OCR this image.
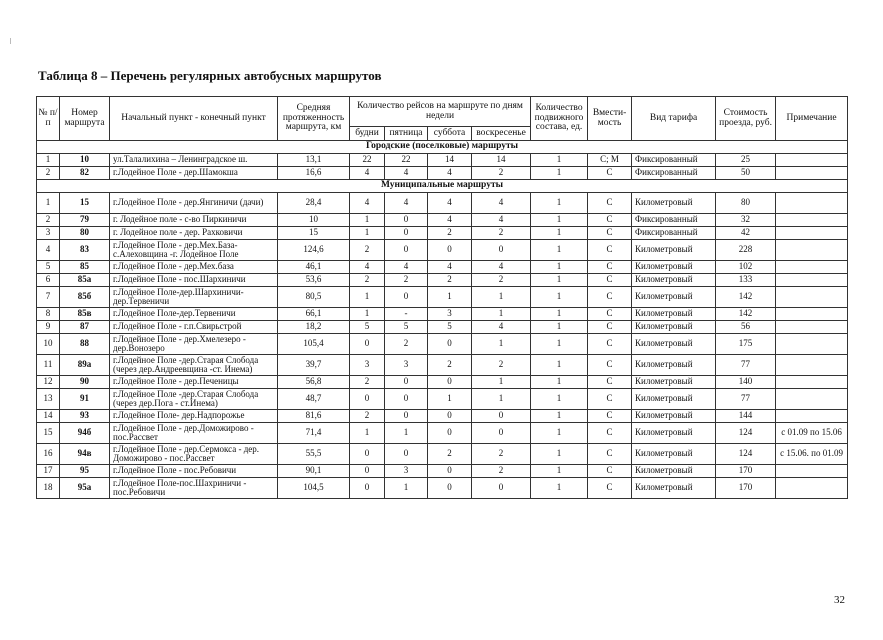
Таблица 8 – Перечень регулярных автобусных маршрутов
№ п/п	Номер маршрута	Начальный пункт - конечный пункт	Средняя протяженность маршрута, км	Количество рейсов на маршруте по дням недели				Количество подвижного состава, ед.	Вмести-мость	Вид тарифа	Стоимость проезда, руб.	Примечание
				будни	пятница	суббота	воскресенье					
Городские (поселковые) маршруты												
1	10	ул.Талалихина – Ленинградское ш.	13,1	22	22	14	14	1	С; М	Фиксированный	25	
2	82	г.Лодейное Поле - дер.Шамокша	16,6	4	4	4	2	1	С	Фиксированный	50	
Муниципальные маршруты												
1	15	г.Лодейное Поле - дер.Янгиничи (дачи)	28,4	4	4	4	4	1	С	Километровый	80	
2	79	г. Лодейное поле - с-во Пиркиничи	10	1	0	4	4	1	С	Фиксированный	32	
3	80	г. Лодейное поле - дер. Рахковичи	15	1	0	2	2	1	С	Фиксированный	42	
4	83	г.Лодейное Поле - дер.Мех.База-с.Алеховщина -г. Лодейное Поле	124,6	2	0	0	0	1	С	Километровый	228	
5	85	г.Лодейное Поле - дер.Мех.база	46,1	4	4	4	4	1	С	Километровый	102	
6	85а	г.Лодейное Поле - пос.Шархиничи	53,6	2	2	2	2	1	С	Километровый	133	
7	85б	г.Лодейное Поле-дер.Шархиничи-дер.Тервеничи	80,5	1	0	1	1	1	С	Километровый	142	
8	85в	г.Лодейное Поле-дер.Тервеничи	66,1	1	-	3	1	1	С	Километровый	142	
9	87	г.Лодейное Поле - г.п.Свирьстрой	18,2	5	5	5	4	1	С	Километровый	56	
10	88	г.Лодейное Поле - дер.Хмелезеро - дер.Вонозеро	105,4	0	2	0	1	1	С	Километровый	175	
11	89а	г.Лодейное Поле -дер.Старая Слобода (через дер.Андреевщина -ст. Инема)	39,7	3	3	2	2	1	С	Километровый	77	
12	90	г.Лодейное Поле - дер.Печеницы	56,8	2	0	0	1	1	С	Километровый	140	
13	91	г.Лодейное Поле -дер.Старая Слобода (через дер.Пога - ст.Инема)	48,7	0	0	1	1	1	С	Километровый	77	
14	93	г.Лодейное Поле- дер.Надпорожье	81,6	2	0	0	0	1	С	Километровый	144	
15	94б	г.Лодейное Поле - дер.Доможирово - пос.Рассвет	71,4	1	1	0	0	1	С	Километровый	124	с 01.09 по 15.06
16	94в	г.Лодейное Поле - дер.Сермокса - дер. Доможирово - пос.Рассвет	55,5	0	0	2	2	1	С	Километровый	124	с 15.06. по 01.09
17	95	г.Лодейное Поле - пос.Ребовичи	90,1	0	3	0	2	1	С	Километровый	170	
18	95а	г.Лодейное Поле-пос.Шахриничи - пос.Ребовичи	104,5	0	1	0	0	1	С	Километровый	170	
32
